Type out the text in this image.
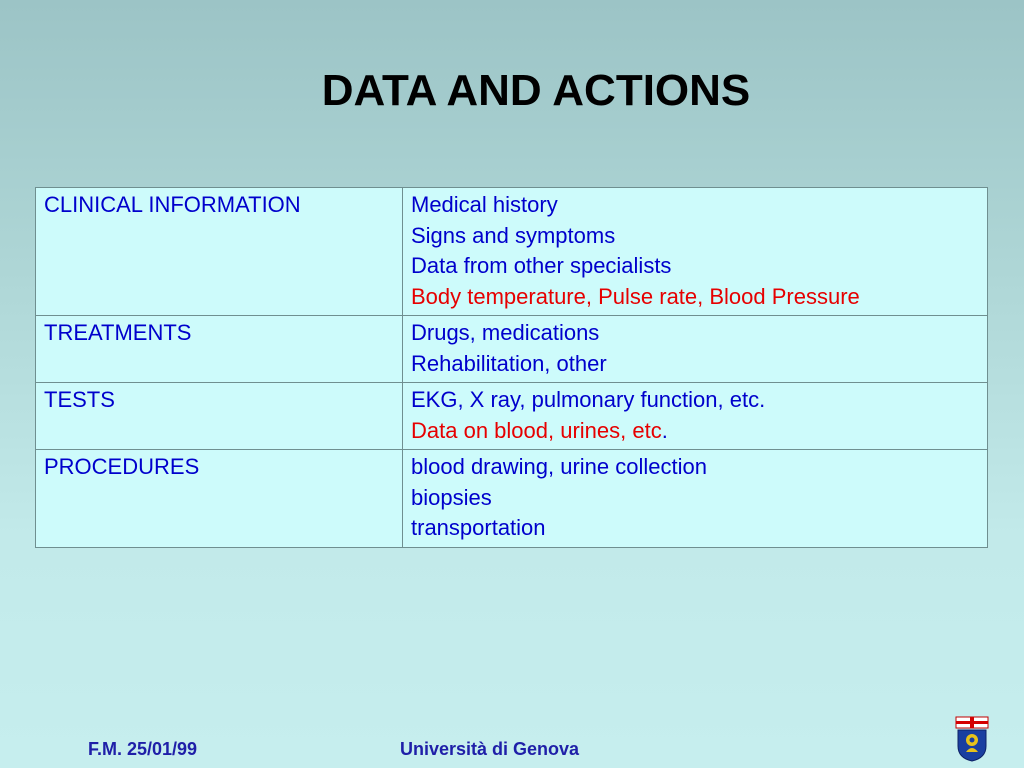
DATA AND ACTIONS
CLINICAL INFORMATION	Medical history
Signs and symptoms
Data from other specialists
Body temperature, Pulse rate, Blood Pressure

TREATMENTS	Drugs, medications
Rehabilitation, other

TESTS	EKG, X ray, pulmonary function, etc.
Data on blood, urines, etc.

PROCEDURES	blood drawing, urine collection
biopsies
transportation
F.M. 25/01/99	Università di Genova
